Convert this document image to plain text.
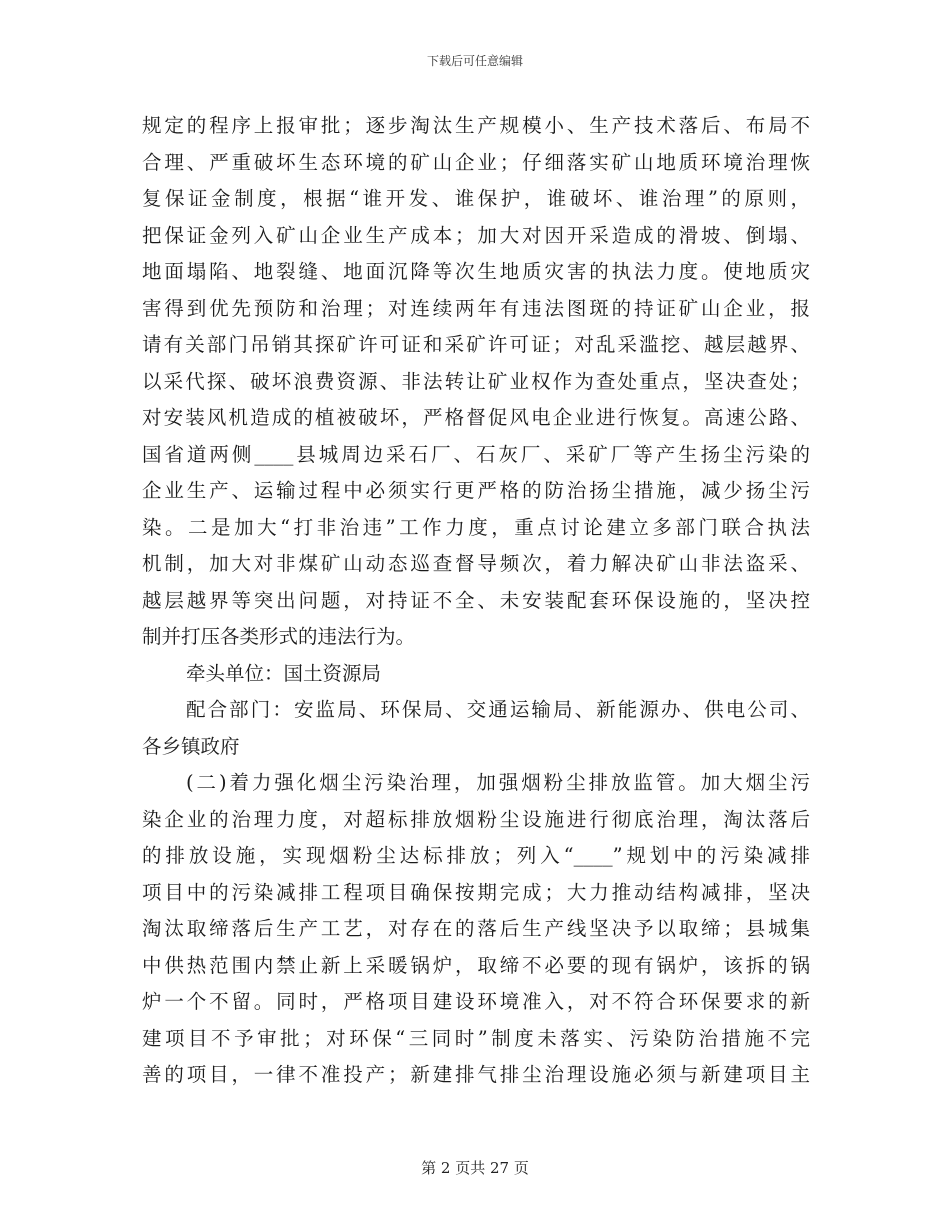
下载后可任意编辑
规定的程序上报审批；逐步淘汰生产规模小、生产技术落后、布局不
合理、严重破坏生态环境的矿山企业；仔细落实矿山地质环境治理恢
复保证金制度，根据“谁开发、谁保护，谁破坏、谁治理”的原则，
把保证金列入矿山企业生产成本；加大对因开采造成的滑坡、倒塌、
地面塌陷、地裂缝、地面沉降等次生地质灾害的执法力度。使地质灾
害得到优先预防和治理；对连续两年有违法图斑的持证矿山企业，报
请有关部门吊销其探矿许可证和采矿许可证；对乱采滥挖、越层越界、
以采代探、破坏浪费资源、非法转让矿业权作为查处重点，坚决查处；
对安装风机造成的植被破坏，严格督促风电企业进行恢复。高速公路、
国省道两侧____县城周边采石厂、石灰厂、采矿厂等产生扬尘污染的
企业生产、运输过程中必须实行更严格的防治扬尘措施，减少扬尘污
染。二是加大“打非治违”工作力度，重点讨论建立多部门联合执法
机制，加大对非煤矿山动态巡查督导频次，着力解决矿山非法盗采、
越层越界等突出问题，对持证不全、未安装配套环保设施的，坚决控
制并打压各类形式的违法行为。
牵头单位：国土资源局
配合部门：安监局、环保局、交通运输局、新能源办、供电公司、
各乡镇政府
(二)着力强化烟尘污染治理，加强烟粉尘排放监管。加大烟尘污
染企业的治理力度，对超标排放烟粉尘设施进行彻底治理，淘汰落后
的排放设施，实现烟粉尘达标排放；列入“____”规划中的污染减排
项目中的污染减排工程项目确保按期完成；大力推动结构减排，坚决
淘汰取缔落后生产工艺，对存在的落后生产线坚决予以取缔；县城集
中供热范围内禁止新上采暖锅炉，取缔不必要的现有锅炉，该拆的锅
炉一个不留。同时，严格项目建设环境准入，对不符合环保要求的新
建项目不予审批；对环保“三同时”制度未落实、污染防治措施不完
善的项目，一律不准投产；新建排气排尘治理设施必须与新建项目主
第 2 页共 27 页
